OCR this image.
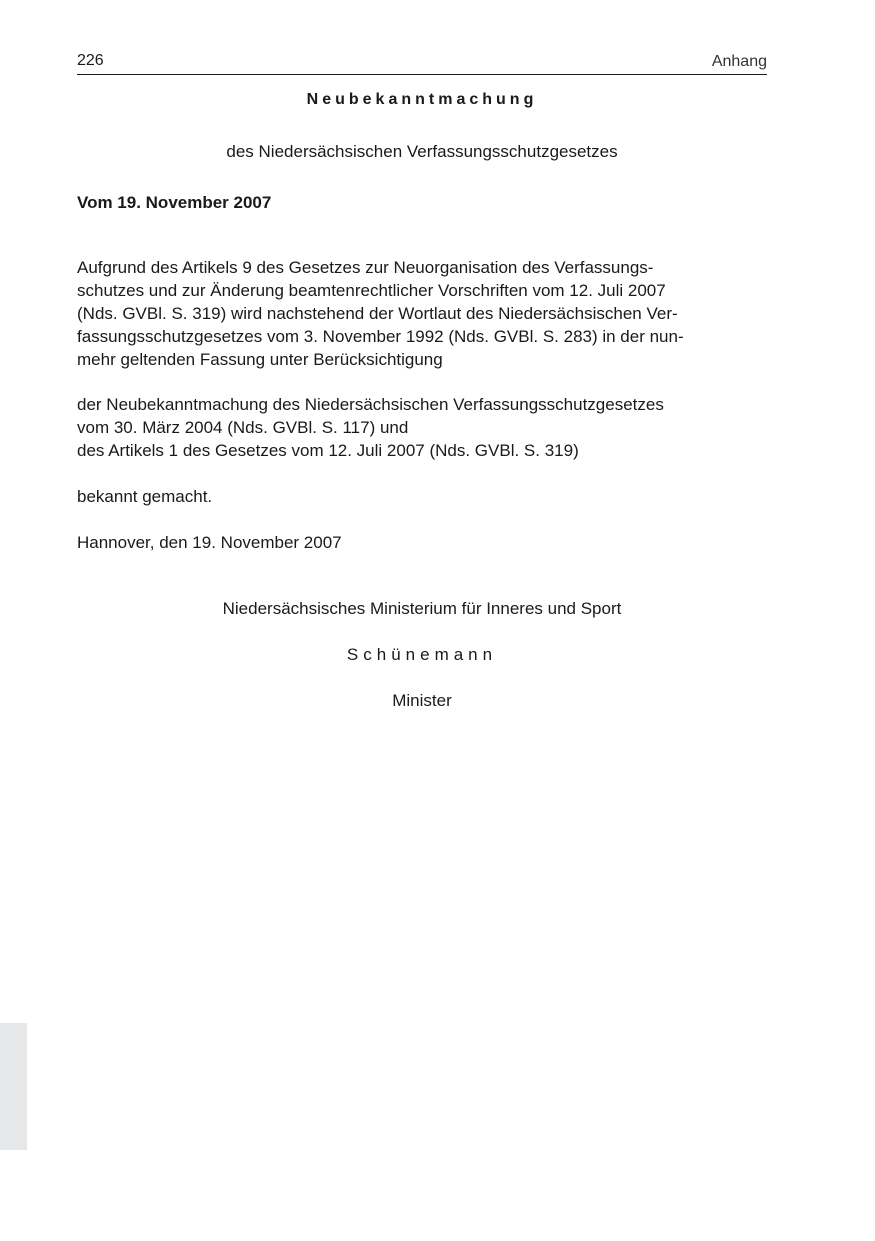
226	Anhang
Neubekanntmachung
des Niedersächsischen Verfassungsschutzgesetzes
Vom 19. November 2007
Aufgrund des Artikels 9 des Gesetzes zur Neuorganisation des Verfassungs-
schutzes und zur Änderung beamtenrechtlicher Vorschriften vom 12. Juli 2007
(Nds. GVBl. S. 319) wird nachstehend der Wortlaut des Niedersächsischen Ver-
fassungsschutzgesetzes vom 3. November 1992 (Nds. GVBl. S. 283) in der nun-
mehr geltenden Fassung unter Berücksichtigung
der Neubekanntmachung des Niedersächsischen Verfassungsschutzgesetzes
vom 30. März 2004 (Nds. GVBl. S. 117) und
des Artikels 1 des Gesetzes vom 12. Juli 2007 (Nds. GVBl. S. 319)
bekannt gemacht.
Hannover, den 19. November 2007
Niedersächsisches Ministerium für Inneres und Sport
Schünemann
Minister
